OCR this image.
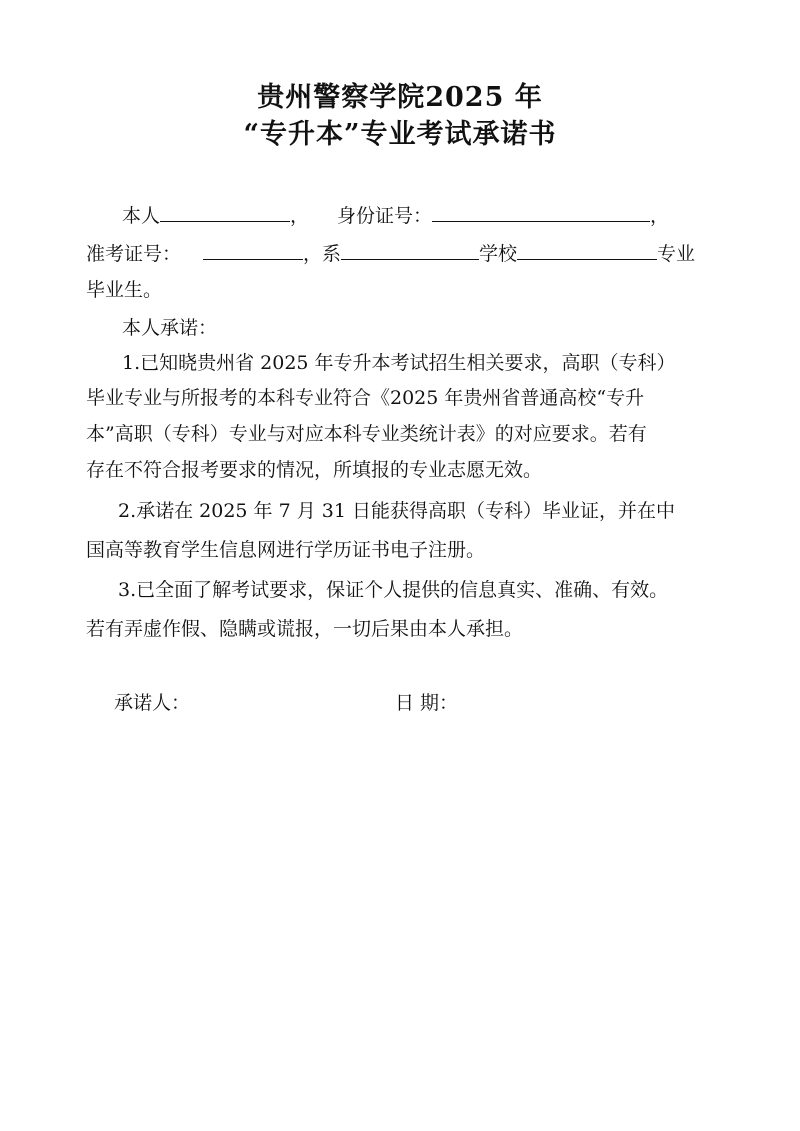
贵州警察学院2025 年
“专升本”专业考试承诺书
本人	， 身份证号：	，
准考证号：	，系	学校	专业
毕业生。
本人承诺：
1.已知晓贵州省 2025 年专升本考试招生相关要求，高职（专科）
毕业专业与所报考的本科专业符合《2025 年贵州省普通高校“专升
本”高职（专科）专业与对应本科专业类统计表》的对应要求。若有
存在不符合报考要求的情况，所填报的专业志愿无效。
2.承诺在 2025 年 7 月 31 日能获得高职（专科）毕业证，并在中
国高等教育学生信息网进行学历证书电子注册。
3.已全面了解考试要求，保证个人提供的信息真实、准确、有效。
若有弄虚作假、隐瞒或谎报，一切后果由本人承担。
承诺人：	日 期：
